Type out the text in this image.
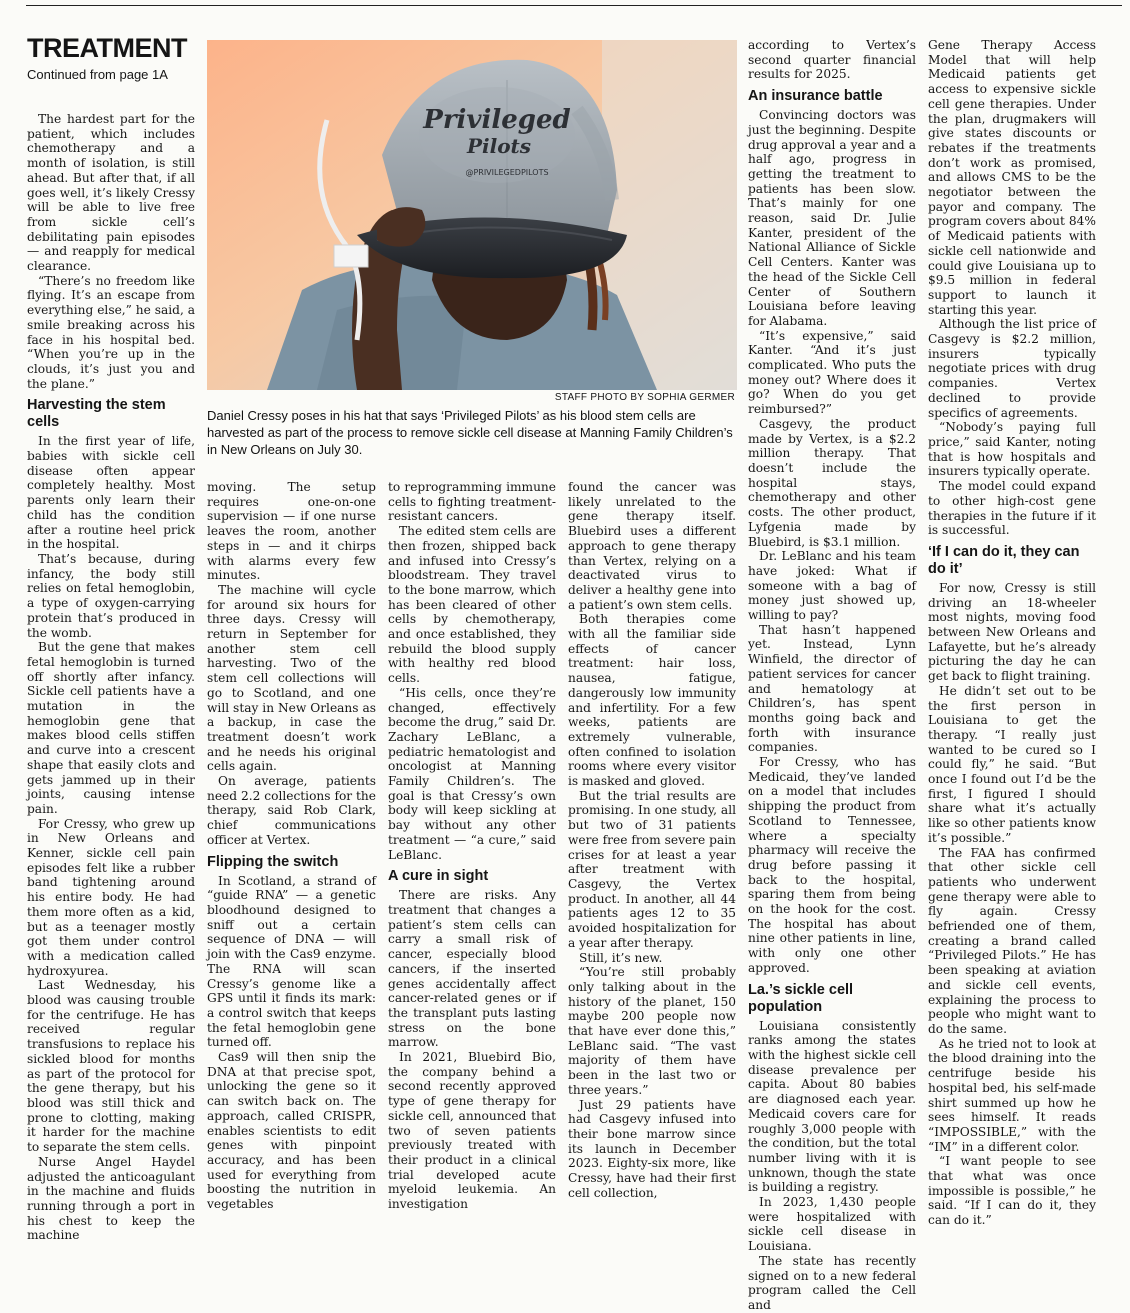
TREATMENT
Continued from page 1A

The hardest part for the patient, which includes chemotherapy and a month of isolation, is still ahead. But after that, if all goes well, it’s likely Cressy will be able to live free from sickle cell’s debilitating pain episodes — and reapply for medical clearance.

“There’s no freedom like flying. It’s an escape from everything else,” he said, a smile breaking across his face in his hospital bed. “When you’re up in the clouds, it’s just you and the plane.”

Harvesting the stem cells

In the first year of life, babies with sickle cell disease often appear completely healthy. Most parents only learn their child has the condition after a routine heel prick in the hospital.

That’s because, during infancy, the body still relies on fetal hemoglobin, a type of oxygen-carrying protein that’s produced in the womb.

But the gene that makes fetal hemoglobin is turned off shortly after infancy. Sickle cell patients have a mutation in the hemoglobin gene that makes blood cells stiffen and curve into a crescent shape that easily clots and gets jammed up in their joints, causing intense pain.

For Cressy, who grew up in New Orleans and Kenner, sickle cell pain episodes felt like a rubber band tightening around his entire body. He had them more often as a kid, but as a teenager mostly got them under control with a medication called hydroxyurea.

Last Wednesday, his blood was causing trouble for the centrifuge. He has received regular transfusions to replace his sickled blood for months as part of the protocol for the gene therapy, but his blood was still thick and prone to clotting, making it harder for the machine to separate the stem cells.

Nurse Angel Haydel adjusted the anticoagulant in the machine and fluids running through a port in his chest to keep the machine

Privileged
Pilots
@PRIVILEGEDPILOTS
STAFF PHOTO BY SOPHIA GERMER
Daniel Cressy poses in his hat that says ‘Privileged Pilots’ as his blood stem cells are harvested as part of the process to remove sickle cell disease at Manning Family Children’s in New Orleans on July 30.

moving. The setup requires one-on-one supervision — if one nurse leaves the room, another steps in — and it chirps with alarms every few minutes.

The machine will cycle for around six hours for three days. Cressy will return in September for another stem cell harvesting. Two of the stem cell collections will go to Scotland, and one will stay in New Orleans as a backup, in case the treatment doesn’t work and he needs his original cells again.

On average, patients need 2.2 collections for the therapy, said Rob Clark, chief communications officer at Vertex.

Flipping the switch

In Scotland, a strand of “guide RNA” — a genetic bloodhound designed to sniff out a certain sequence of DNA — will join with the Cas9 enzyme. The RNA will scan Cressy’s genome like a GPS until it finds its mark: a control switch that keeps the fetal hemoglobin gene turned off.

Cas9 will then snip the DNA at that precise spot, unlocking the gene so it can switch back on. The approach, called CRISPR, enables scientists to edit genes with pinpoint accuracy, and has been used for everything from boosting the nutrition in vegetables

to reprogramming immune cells to fighting treatment-resistant cancers.

The edited stem cells are then frozen, shipped back and infused into Cressy’s bloodstream. They travel to the bone marrow, which has been cleared of other cells by chemotherapy, and once established, they rebuild the blood supply with healthy red blood cells.

“His cells, once they’re changed, effectively become the drug,” said Dr. Zachary LeBlanc, a pediatric hematologist and oncologist at Manning Family Children’s. The goal is that Cressy’s own body will keep sickling at bay without any other treatment — “a cure,” said LeBlanc.

A cure in sight

There are risks. Any treatment that changes a patient’s stem cells can carry a small risk of cancer, especially blood cancers, if the inserted genes accidentally affect cancer-related genes or if the transplant puts lasting stress on the bone marrow.

In 2021, Bluebird Bio, the company behind a second recently approved type of gene therapy for sickle cell, announced that two of seven patients previously treated with their product in a clinical trial developed acute myeloid leukemia. An investigation

found the cancer was likely unrelated to the gene therapy itself. Bluebird uses a different approach to gene therapy than Vertex, relying on a deactivated virus to deliver a healthy gene into a patient’s own stem cells.

Both therapies come with all the familiar side effects of cancer treatment: hair loss, nausea, fatigue, dangerously low immunity and infertility. For a few weeks, patients are extremely vulnerable, often confined to isolation rooms where every visitor is masked and gloved.

But the trial results are promising. In one study, all but two of 31 patients were free from severe pain crises for at least a year after treatment with Casgevy, the Vertex product. In another, all 44 patients ages 12 to 35 avoided hospitalization for a year after therapy.

Still, it’s new.

“You’re still probably only talking about in the history of the planet, 150 maybe 200 people now that have ever done this,” LeBlanc said. “The vast majority of them have been in the last two or three years.”

Just 29 patients have had Casgevy infused into their bone marrow since its launch in December 2023. Eighty-six more, like Cressy, have had their first cell collection,

according to Vertex’s second quarter financial results for 2025.

An insurance battle

Convincing doctors was just the beginning. Despite drug approval a year and a half ago, progress in getting the treatment to patients has been slow. That’s mainly for one reason, said Dr. Julie Kanter, president of the National Alliance of Sickle Cell Centers. Kanter was the head of the Sickle Cell Center of Southern Louisiana before leaving for Alabama.

“It’s expensive,” said Kanter. “And it’s just complicated. Who puts the money out? Where does it go? When do you get reimbursed?”

Casgevy, the product made by Vertex, is a $2.2 million therapy. That doesn’t include the hospital stays, chemotherapy and other costs. The other product, Lyfgenia made by Bluebird, is $3.1 million.

Dr. LeBlanc and his team have joked: What if someone with a bag of money just showed up, willing to pay?

That hasn’t happened yet. Instead, Lynn Winfield, the director of patient services for cancer and hematology at Children’s, has spent months going back and forth with insurance companies.

For Cressy, who has Medicaid, they’ve landed on a model that includes shipping the product from Scotland to Tennessee, where a specialty pharmacy will receive the drug before passing it back to the hospital, sparing them from being on the hook for the cost. The hospital has about nine other patients in line, with only one other approved.

La.’s sickle cell population

Louisiana consistently ranks among the states with the highest sickle cell disease prevalence per capita. About 80 babies are diagnosed each year. Medicaid covers care for roughly 3,000 people with the condition, but the total number living with it is unknown, though the state is building a registry.

In 2023, 1,430 people were hospitalized with sickle cell disease in Louisiana.

The state has recently signed on to a new federal program called the Cell and

Gene Therapy Access Model that will help Medicaid patients get access to expensive sickle cell gene therapies. Under the plan, drugmakers will give states discounts or rebates if the treatments don’t work as promised, and allows CMS to be the negotiator between the payor and company. The program covers about 84% of Medicaid patients with sickle cell nationwide and could give Louisiana up to $9.5 million in federal support to launch it starting this year.

Although the list price of Casgevy is $2.2 million, insurers typically negotiate prices with drug companies. Vertex declined to provide specifics of agreements.

“Nobody’s paying full price,” said Kanter, noting that is how hospitals and insurers typically operate.

The model could expand to other high-cost gene therapies in the future if it is successful.

‘If I can do it, they can do it’

For now, Cressy is still driving an 18-wheeler most nights, moving food between New Orleans and Lafayette, but he’s already picturing the day he can get back to flight training.

He didn’t set out to be the first person in Louisiana to get the therapy. “I really just wanted to be cured so I could fly,” he said. “But once I found out I’d be the first, I figured I should share what it’s actually like so other patients know it’s possible.”

The FAA has confirmed that other sickle cell patients who underwent gene therapy were able to fly again. Cressy befriended one of them, creating a brand called “Privileged Pilots.” He has been speaking at aviation and sickle cell events, explaining the process to people who might want to do the same.

As he tried not to look at the blood draining into the centrifuge beside his hospital bed, his self-made shirt summed up how he sees himself. It reads “IMPOSSIBLE,” with the “IM” in a different color.

“I want people to see that what was once impossible is possible,” he said. “If I can do it, they can do it.”
